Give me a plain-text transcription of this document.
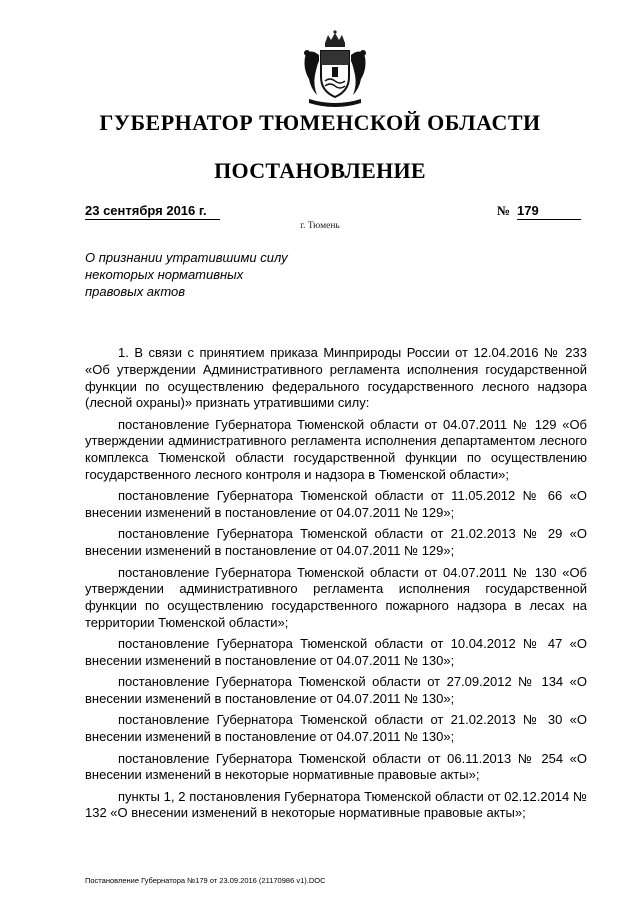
ГУБЕРНАТОР ТЮМЕНСКОЙ ОБЛАСТИ
ПОСТАНОВЛЕНИЕ
23 сентября 2016 г.	№ 179
г. Тюмень
О признании утратившими силу
некоторых нормативных
правовых актов

1. В связи с принятием приказа Минприроды России от 12.04.2016 № 233 «Об утверждении Административного регламента исполнения государственной функции по осуществлению федерального государственного лесного надзора (лесной охраны)» признать утратившими силу:

постановление Губернатора Тюменской области от 04.07.2011 № 129 «Об утверждении административного регламента исполнения департаментом лесного комплекса Тюменской области государственной функции по осуществлению государственного лесного контроля и надзора в Тюменской области»;

постановление Губернатора Тюменской области от 11.05.2012 № 66 «О внесении изменений в постановление от 04.07.2011 № 129»;

постановление Губернатора Тюменской области от 21.02.2013 № 29 «О внесении изменений в постановление от 04.07.2011 № 129»;

постановление Губернатора Тюменской области от 04.07.2011 № 130 «Об утверждении административного регламента исполнения государственной функции по осуществлению государственного пожарного надзора в лесах на территории Тюменской области»;

постановление Губернатора Тюменской области от 10.04.2012 № 47 «О внесении изменений в постановление от 04.07.2011 № 130»;

постановление Губернатора Тюменской области от 27.09.2012 № 134 «О внесении изменений в постановление от 04.07.2011 № 130»;

постановление Губернатора Тюменской области от 21.02.2013 № 30 «О внесении изменений в постановление от 04.07.2011 № 130»;

постановление Губернатора Тюменской области от 06.11.2013 № 254 «О внесении изменений в некоторые нормативные правовые акты»;

пункты 1, 2 постановления Губернатора Тюменской области от 02.12.2014 № 132 «О внесении изменений в некоторые нормативные правовые акты»;

Постановление Губернатора №179 от 23.09.2016 (21170986 v1).DOC
